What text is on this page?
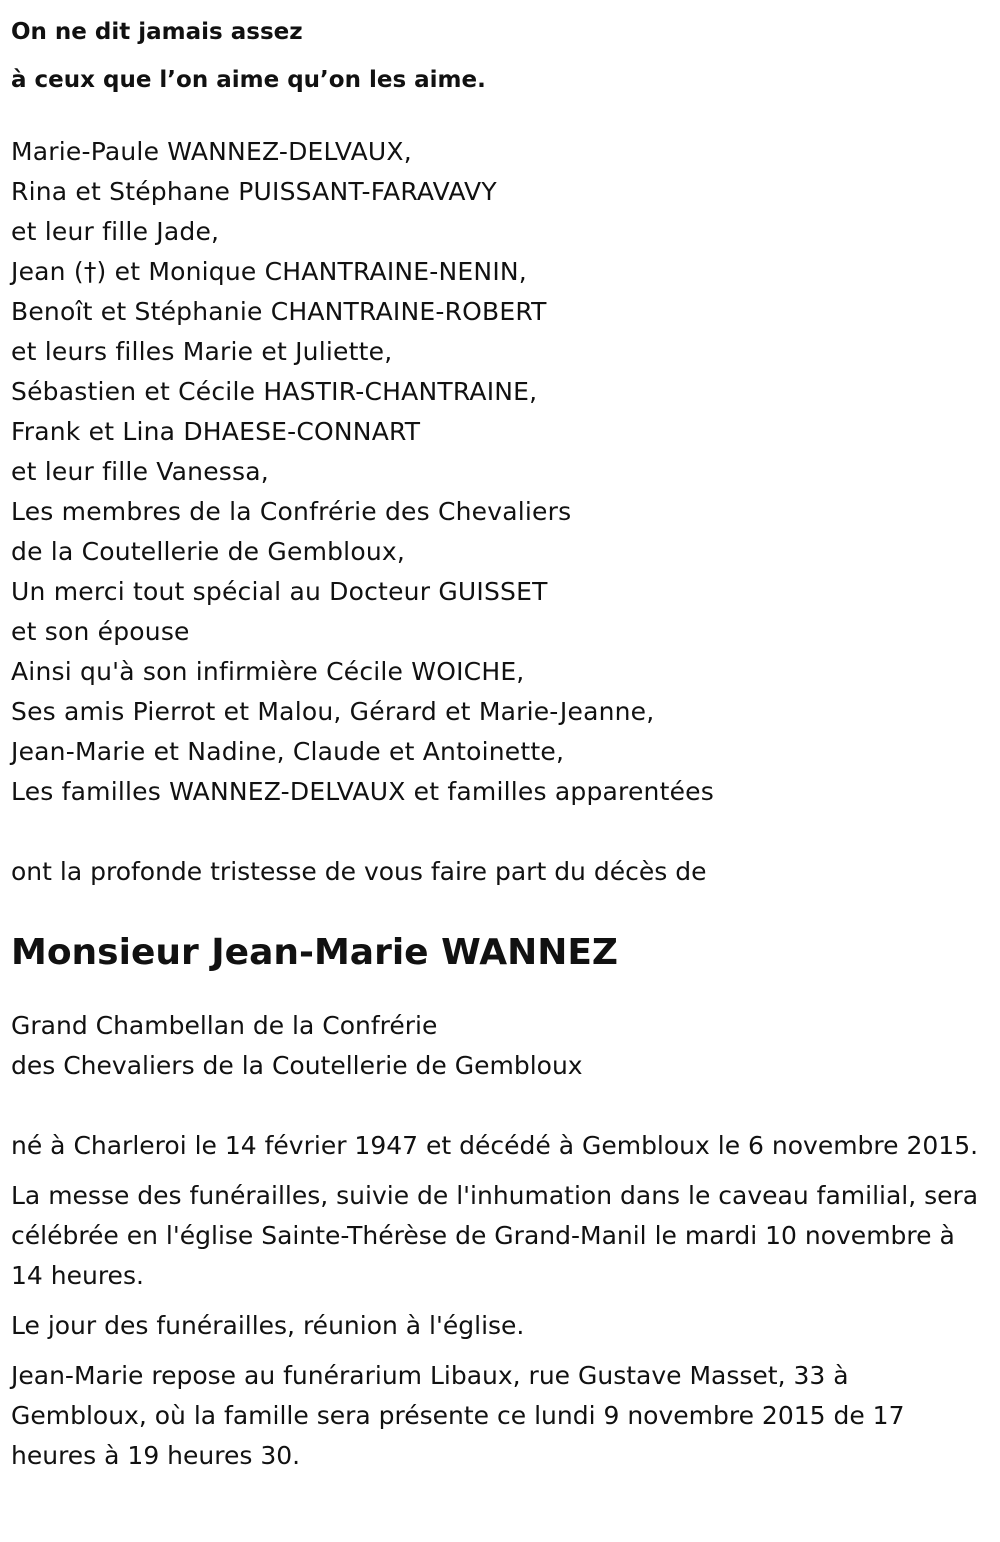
On ne dit jamais assez
à ceux que l’on aime qu’on les aime.
Marie-Paule WANNEZ-DELVAUX,
Rina et Stéphane PUISSANT-FARAVAVY
et leur fille Jade,
Jean (†) et Monique CHANTRAINE-NENIN,
Benoît et Stéphanie CHANTRAINE-ROBERT
et leurs filles Marie et Juliette,
Sébastien et Cécile HASTIR-CHANTRAINE,
Frank et Lina DHAESE-CONNART
et leur fille Vanessa,
Les membres de la Confrérie des Chevaliers
de la Coutellerie de Gembloux,
Un merci tout spécial au Docteur GUISSET
et son épouse
Ainsi qu'à son infirmière Cécile WOICHE,
Ses amis Pierrot et Malou, Gérard et Marie-Jeanne,
Jean-Marie et Nadine, Claude et Antoinette,
Les familles WANNEZ-DELVAUX et familles apparentées
ont la profonde tristesse de vous faire part du décès de
Monsieur Jean-Marie WANNEZ
Grand Chambellan de la Confrérie
des Chevaliers de la Coutellerie de Gembloux

né à Charleroi le 14 février 1947 et décédé à Gembloux le 6 novembre 2015.

La messe des funérailles, suivie de l'inhumation dans le caveau familial, sera célébrée en l'église Sainte-Thérèse de Grand-Manil le mardi 10 novembre à 14 heures.

Le jour des funérailles, réunion à l'église.

Jean-Marie repose au funérarium Libaux, rue Gustave Masset, 33 à Gembloux, où la famille sera présente ce lundi 9 novembre 2015 de 17 heures à 19 heures 30.
